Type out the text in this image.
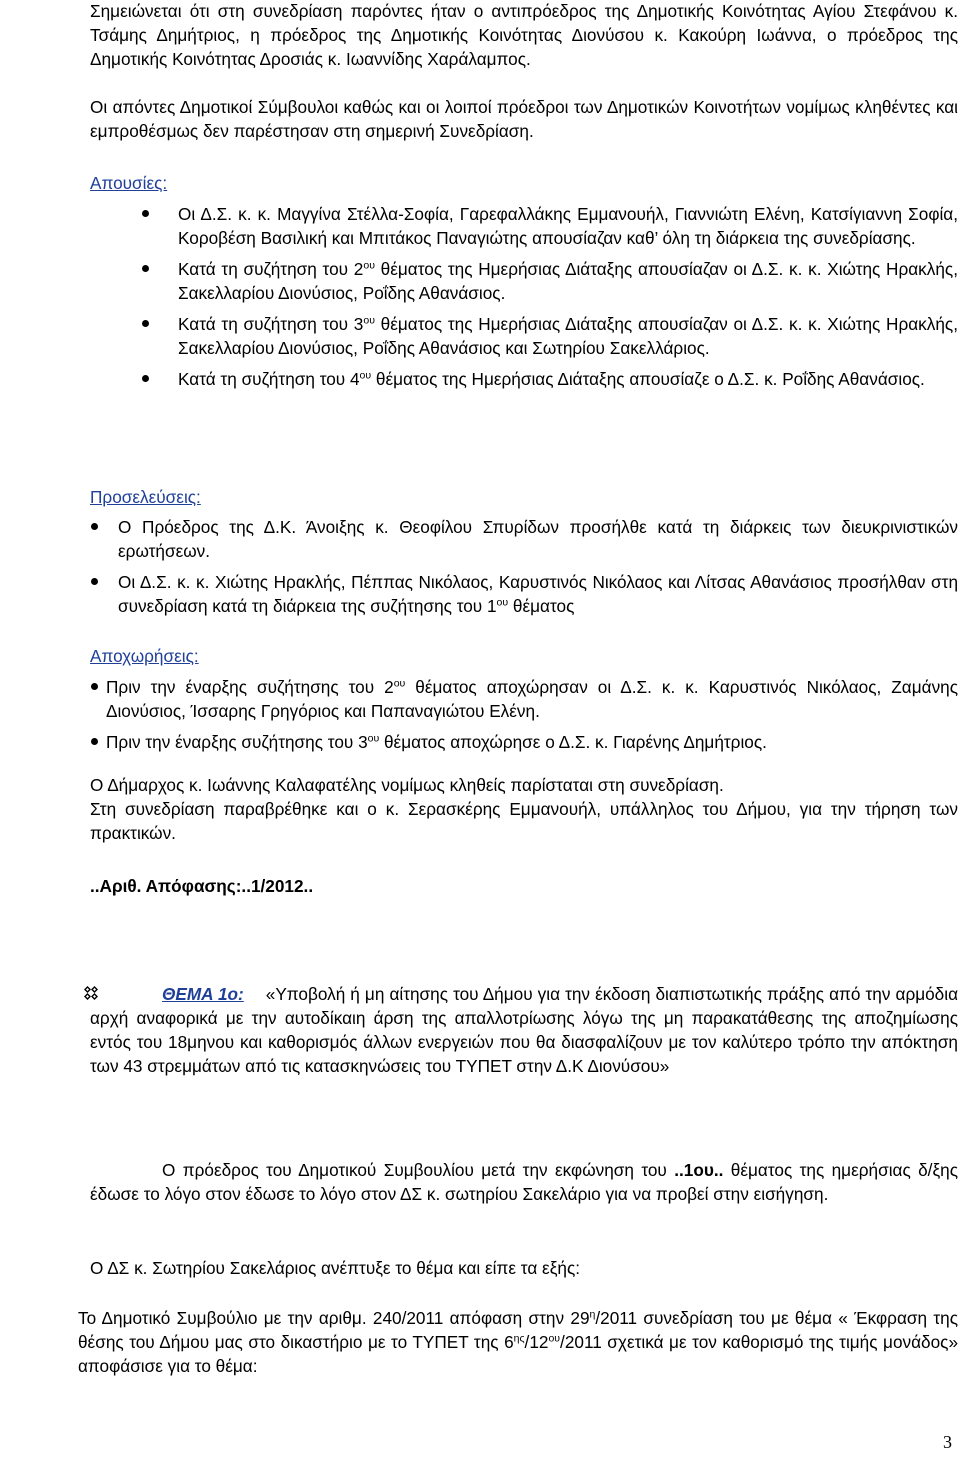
Σημειώνεται ότι στη συνεδρίαση παρόντες ήταν ο αντιπρόεδρος της Δημοτικής Κοινότητας Αγίου Στεφάνου κ. Τσάμης Δημήτριος, η πρόεδρος της Δημοτικής Κοινότητας Διονύσου κ. Κακούρη Ιωάννα, ο πρόεδρος της Δημοτικής Κοινότητας Δροσιάς κ. Ιωαννίδης Χαράλαμπος.

Οι απόντες Δημοτικοί Σύμβουλοι καθώς και οι λοιποί πρόεδροι των Δημοτικών Κοινοτήτων νομίμως κληθέντες και εμπροθέσμως δεν παρέστησαν στη σημερινή Συνεδρίαση.

Απουσίες:

Οι Δ.Σ. κ. κ. Μαγγίνα Στέλλα-Σοφία, Γαρεφαλλάκης Εμμανουήλ, Γιαννιώτη Ελένη, Κατσίγιαννη Σοφία, Κοροβέση Βασιλική και Μπιτάκος Παναγιώτης απουσίαζαν καθ’ όλη τη διάρκεια της συνεδρίασης.
Κατά τη συζήτηση του $2^{o\upsilon}$ θέματος της Ημερήσιας Διάταξης απουσίαζαν οι Δ.Σ. κ. κ. Χιώτης Ηρακλής, Σακελλαρίου Διονύσιος, Ροΐδης Αθανάσιος.
Κατά τη συζήτηση του $3^{o\upsilon}$ θέματος της Ημερήσιας Διάταξης απουσίαζαν οι Δ.Σ. κ. κ. Χιώτης Ηρακλής, Σακελλαρίου Διονύσιος, Ροΐδης Αθανάσιος και Σωτηρίου Σακελλάριος.
Κατά τη συζήτηση του $4^{o\upsilon}$ θέματος της Ημερήσιας Διάταξης απουσίαζε ο Δ.Σ. κ. Ροΐδης Αθανάσιος.

Προσελεύσεις:

Ο Πρόεδρος της Δ.Κ. Άνοιξης κ. Θεοφίλου Σπυρίδων προσήλθε κατά τη διάρκεις των διευκρινιστικών ερωτήσεων.
Οι Δ.Σ. κ. κ. Χιώτης Ηρακλής, Πέππας Νικόλαος, Καρυστινός Νικόλαος και Λίτσας Αθανάσιος προσήλθαν στη συνεδρίαση κατά τη διάρκεια της συζήτησης του $1^{o\upsilon}$ θέματος

Αποχωρήσεις:

Πριν την έναρξης συζήτησης του $2^{o\upsilon}$ θέματος αποχώρησαν οι Δ.Σ. κ. κ. Καρυστινός Νικόλαος, Ζαμάνης Διονύσιος, Ίσσαρης Γρηγόριος και Παπαναγιώτου Ελένη.
Πριν την έναρξης συζήτησης του $3^{o\upsilon}$ θέματος αποχώρησε ο Δ.Σ. κ. Γιαρένης Δημήτριος.

Ο Δήμαρχος κ. Ιωάννης Καλαφατέλης νομίμως κληθείς παρίσταται στη συνεδρίαση.

Στη συνεδρίαση παραβρέθηκε και ο κ. Σερασκέρης Εμμανουήλ, υπάλληλος του Δήμου, για την τήρηση των πρακτικών.

..Αριθ. Απόφασης:..1/2012..

ΘΕΜΑ 1ο: «Υποβολή ή μη αίτησης του Δήμου για την έκδοση διαπιστωτικής πράξης από την αρμόδια αρχή αναφορικά με την αυτοδίκαιη άρση της απαλλοτρίωσης λόγω της μη παρακατάθεσης της αποζημίωσης εντός του 18μηνου και καθορισμός άλλων ενεργειών που θα διασφαλίζουν με τον καλύτερο τρόπο την απόκτηση των 43 στρεμμάτων από τις κατασκηνώσεις του ΤΥΠΕΤ στην Δ.Κ Διονύσου»

Ο πρόεδρος του Δημοτικού Συμβουλίου μετά την εκφώνηση του ..1ου.. θέματος της ημερήσιας δ/ξης έδωσε το λόγο στον έδωσε το λόγο στον ΔΣ κ. σωτηρίου Σακελάριο για να προβεί στην εισήγηση.

Ο ΔΣ κ. Σωτηρίου Σακελάριος ανέπτυξε το θέμα και είπε τα εξής:

Το Δημοτικό Συμβούλιο με την αριθμ. 240/2011 απόφαση στην $29^\eta/2011$ συνεδρίαση του με θέμα « Έκφραση της θέσης του Δήμου μας στο δικαστήριο με το ΤΥΠΕΤ της $6^{\eta\varsigma}/12^{o\upsilon}/2011$ σχετικά με τον καθορισμό της τιμής μονάδος» αποφάσισε για το θέμα:

3
